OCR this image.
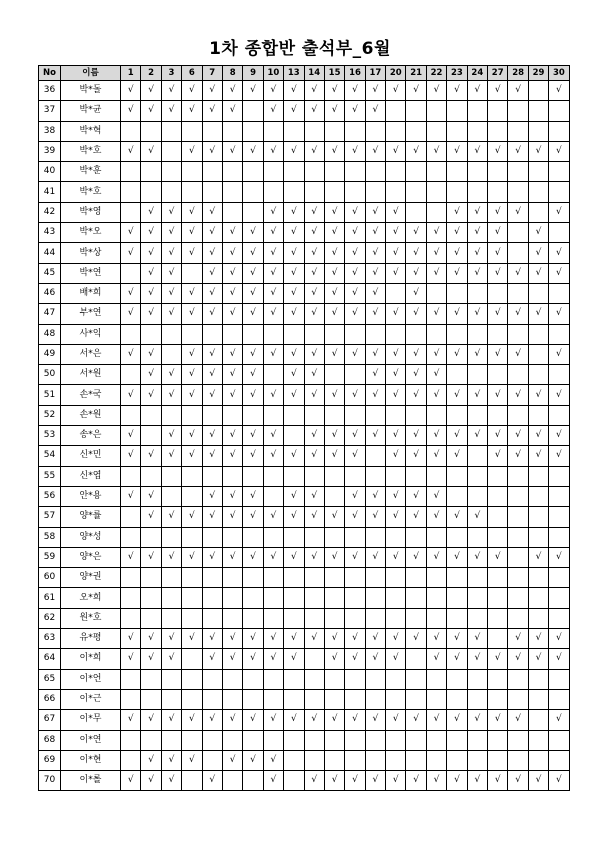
1차 종합반 출석부_6월
No	이름	1	2	3	6	7	8	9	10	13	14	15	16	17	20	21	22	23	24	27	28	29	30
36	박*돌	√	√	√	√	√	√	√	√	√	√	√	√	√	√	√	√	√	√	√	√		√
37	박*균	√	√	√	√	√	√		√	√	√	√	√	√									
38	박*혁																						
39	박*호	√	√		√	√	√	√	√	√	√	√	√	√	√	√	√	√	√	√	√	√	√
40	박*훈																						
41	박*호																						
42	박*영		√	√	√	√			√	√	√	√	√	√	√			√	√	√	√		√
43	박*오	√	√	√	√	√	√	√	√	√	√	√	√	√	√	√	√	√	√	√		√	
44	박*상	√	√	√	√	√	√	√	√	√	√	√	√	√	√	√	√	√	√	√		√	√
45	박*연		√	√		√	√	√	√	√	√	√	√	√	√	√	√	√	√	√	√	√	√
46	배*희	√	√	√	√	√	√	√	√	√	√	√	√	√		√							
47	부*연	√	√	√	√	√	√	√	√	√	√	√	√	√	√	√	√	√	√	√	√	√	√
48	사*익																						
49	서*은	√	√		√	√	√	√	√	√	√	√	√	√	√	√	√	√	√	√	√		√
50	서*원		√	√	√	√	√	√		√	√			√	√	√	√						
51	손*국	√	√	√	√	√	√	√	√	√	√	√	√	√	√	√	√	√	√	√	√	√	√
52	손*원																						
53	송*은	√		√	√	√	√	√	√		√	√	√	√	√	√	√	√	√	√	√	√	√
54	신*민	√	√	√	√	√	√	√	√	√	√	√	√		√	√	√	√		√	√	√	√
55	신*엽																						
56	안*용	√	√			√	√	√		√	√		√	√	√	√	√						
57	양*률		√	√	√	√	√	√	√	√	√	√	√	√	√	√	√	√	√				
58	양*성																						
59	양*은	√	√	√	√	√	√	√	√	√	√	√	√	√	√	√	√	√	√	√		√	√
60	양*권																						
61	오*희																						
62	원*호																						
63	유*평	√	√	√	√	√	√	√	√	√	√	√	√	√	√	√	√	√	√		√	√	√
64	이*희	√	√	√		√	√	√	√	√		√	√	√	√		√	√	√	√	√	√	√
65	이*언																						
66	이*근																						
67	이*무	√	√	√	√	√	√	√	√	√	√	√	√	√	√	√	√	√	√	√	√		√
68	이*연																						
69	이*현		√	√	√		√	√	√														
70	이*롤	√	√	√		√			√		√	√	√	√	√	√	√	√	√	√	√	√	√
